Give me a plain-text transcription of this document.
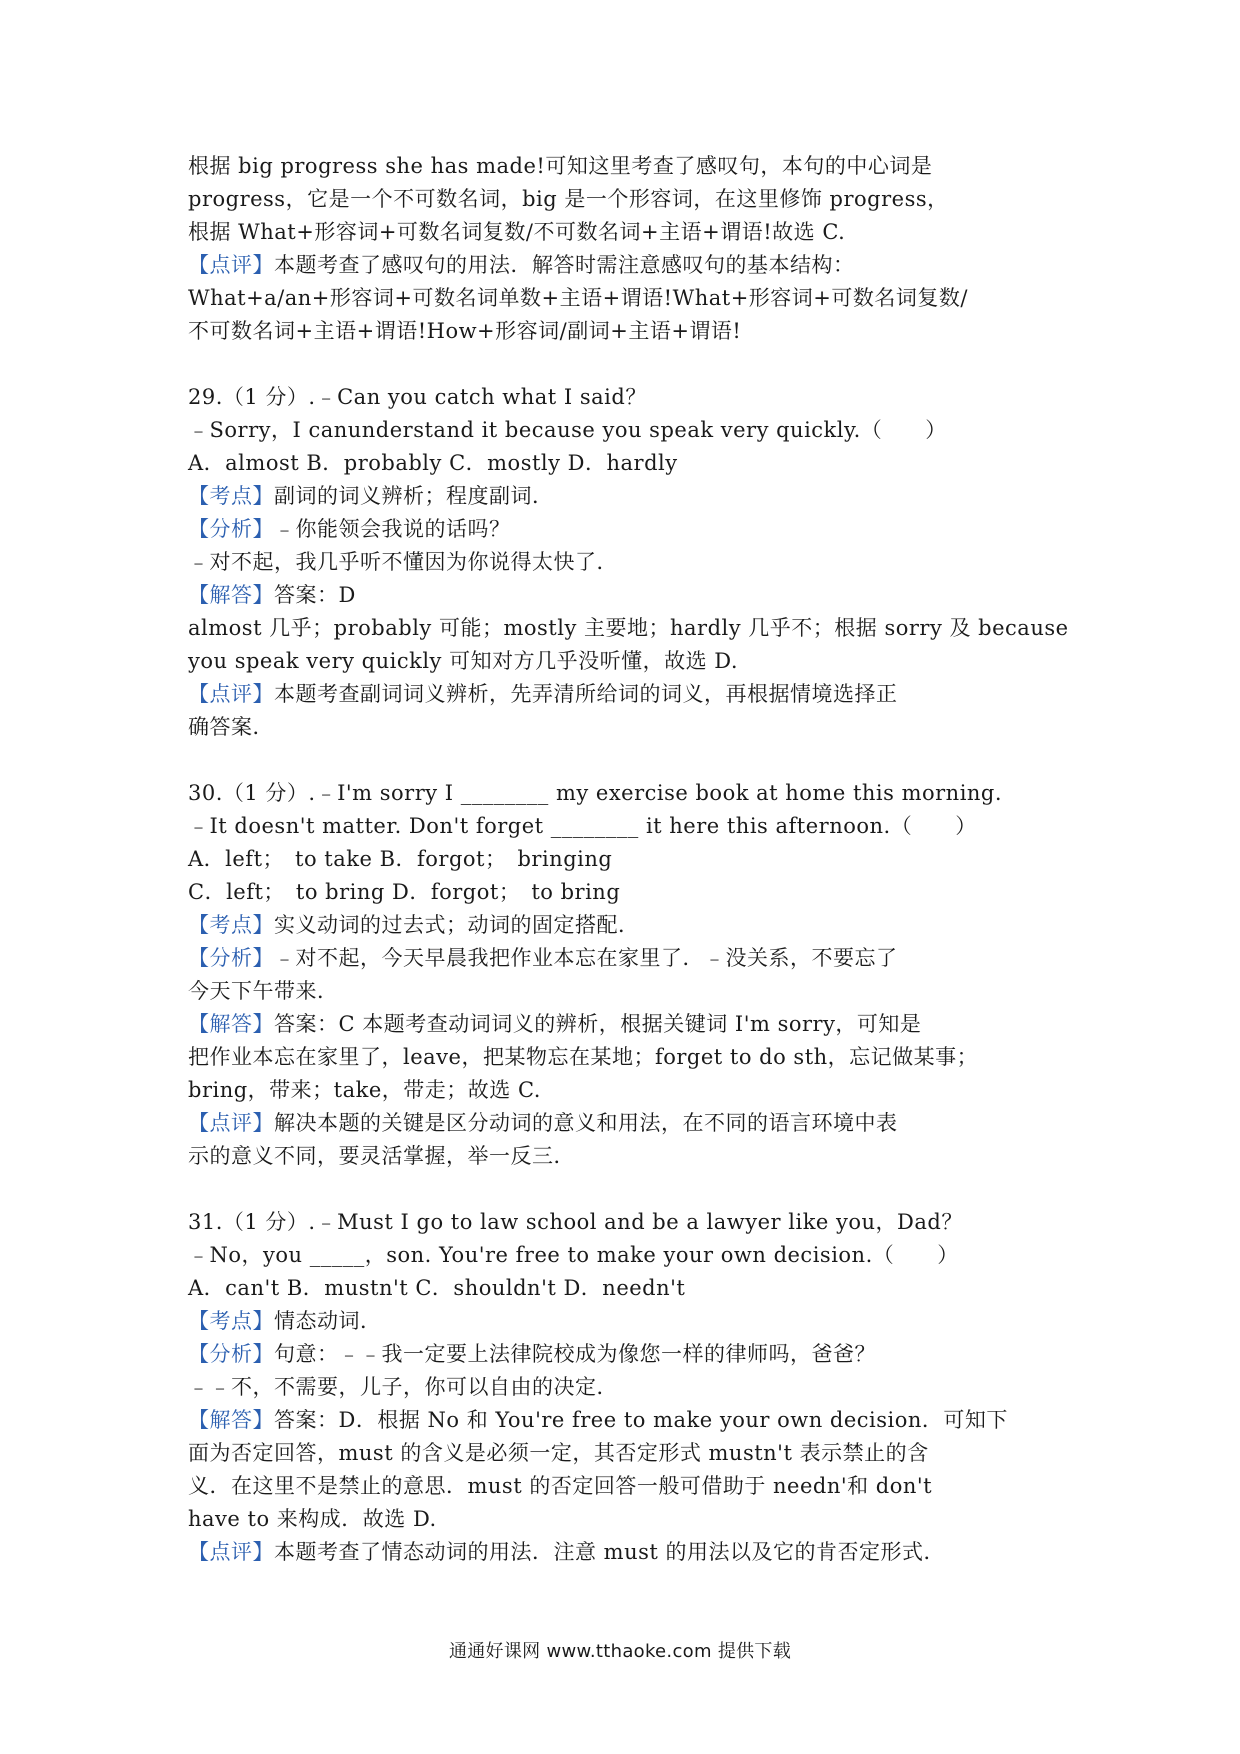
根据 big progress she has made!可知这里考查了感叹句，本句的中心词是
progress，它是一个不可数名词，big 是一个形容词，在这里修饰 progress，
根据 What+形容词+可数名词复数/不可数名词+主语+谓语!故选 C.
【点评】本题考查了感叹句的用法．解答时需注意感叹句的基本结构：
What+a/an+形容词+可数名词单数+主语+谓语!What+形容词+可数名词复数/
不可数名词+主语+谓语!How+形容词/副词+主语+谓语!
29.（1 分）.﹣Can you catch what I said？
﹣Sorry，I canunderstand it because you speak very quickly.（　　）
A．almost B．probably C．mostly D．hardly
【考点】副词的词义辨析；程度副词．
【分析】﹣你能领会我说的话吗？
﹣对不起，我几乎听不懂因为你说得太快了．
【解答】答案：D
almost 几乎；probably 可能；mostly 主要地；hardly 几乎不；根据 sorry 及 because
you speak very quickly 可知对方几乎没听懂，故选 D.
【点评】本题考查副词词义辨析，先弄清所给词的词义，再根据情境选择正
确答案．
30.（1 分）.﹣I'm sorry I ________ my exercise book at home this morning.
﹣It doesn't matter. Don't forget ________ it here this afternoon.（　　）
A．left；　to take B．forgot；　bringing
C．left；　to bring D．forgot；　to bring
【考点】实义动词的过去式；动词的固定搭配．
【分析】﹣对不起，今天早晨我把作业本忘在家里了．﹣没关系，不要忘了
今天下午带来．
【解答】答案：C 本题考查动词词义的辨析，根据关键词 I'm sorry，可知是
把作业本忘在家里了，leave，把某物忘在某地；forget to do sth，忘记做某事；
bring，带来；take，带走；故选 C.
【点评】解决本题的关键是区分动词的意义和用法，在不同的语言环境中表
示的意义不同，要灵活掌握，举一反三．
31.（1 分）.﹣Must I go to law school and be a lawyer like you，Dad？
﹣No，you _____，son. You're free to make your own decision.（　　）
A．can't B．mustn't C．shouldn't D．needn't
【考点】情态动词．
【分析】句意：﹣﹣我一定要上法律院校成为像您一样的律师吗，爸爸？
﹣﹣不，不需要，儿子，你可以自由的决定．
【解答】答案：D．根据 No 和 You're free to make your own decision．可知下
面为否定回答，must 的含义是必须一定，其否定形式 mustn't 表示禁止的含
义．在这里不是禁止的意思．must 的否定回答一般可借助于 needn'和 don't
have to 来构成．故选 D.
【点评】本题考查了情态动词的用法．注意 must 的用法以及它的肯否定形式．
通通好课网 www.tthaoke.com 提供下载
